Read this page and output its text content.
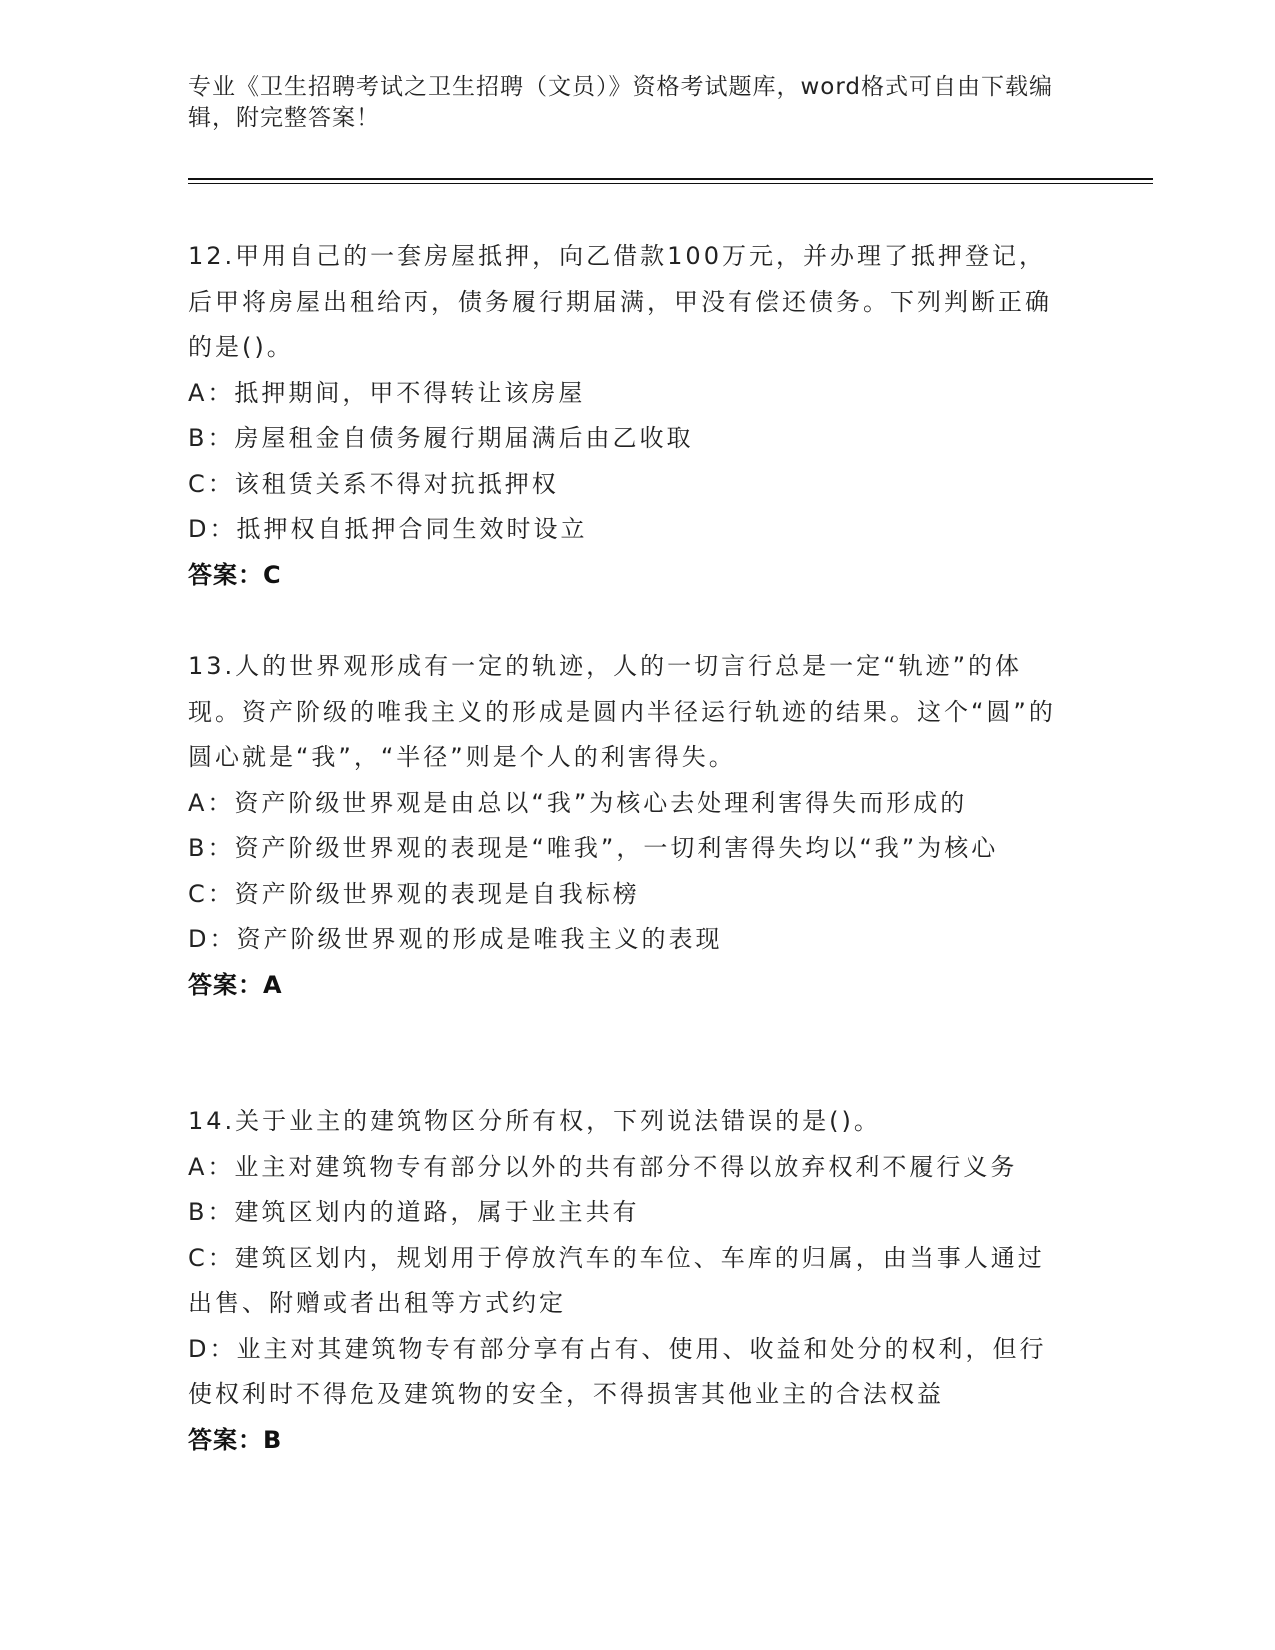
专业《卫生招聘考试之卫生招聘（文员）》资格考试题库，word格式可自由下载编辑，附完整答案！

12.甲用自己的一套房屋抵押，向乙借款100万元，并办理了抵押登记，后甲将房屋出租给丙，债务履行期届满，甲没有偿还债务。下列判断正确的是()。

A：抵押期间，甲不得转让该房屋

B：房屋租金自债务履行期届满后由乙收取

C：该租赁关系不得对抗抵押权

D：抵押权自抵押合同生效时设立

答案：C

13.人的世界观形成有一定的轨迹，人的一切言行总是一定“轨迹”的体现。资产阶级的唯我主义的形成是圆内半径运行轨迹的结果。这个“圆”的圆心就是“我”，“半径”则是个人的利害得失。

A：资产阶级世界观是由总以“我”为核心去处理利害得失而形成的

B：资产阶级世界观的表现是“唯我”，一切利害得失均以“我”为核心

C：资产阶级世界观的表现是自我标榜

D：资产阶级世界观的形成是唯我主义的表现

答案：A

14.关于业主的建筑物区分所有权，下列说法错误的是()。

A：业主对建筑物专有部分以外的共有部分不得以放弃权利不履行义务

B：建筑区划内的道路，属于业主共有

C：建筑区划内，规划用于停放汽车的车位、车库的归属，由当事人通过出售、附赠或者出租等方式约定

D：业主对其建筑物专有部分享有占有、使用、收益和处分的权利，但行使权利时不得危及建筑物的安全，不得损害其他业主的合法权益

答案：B
